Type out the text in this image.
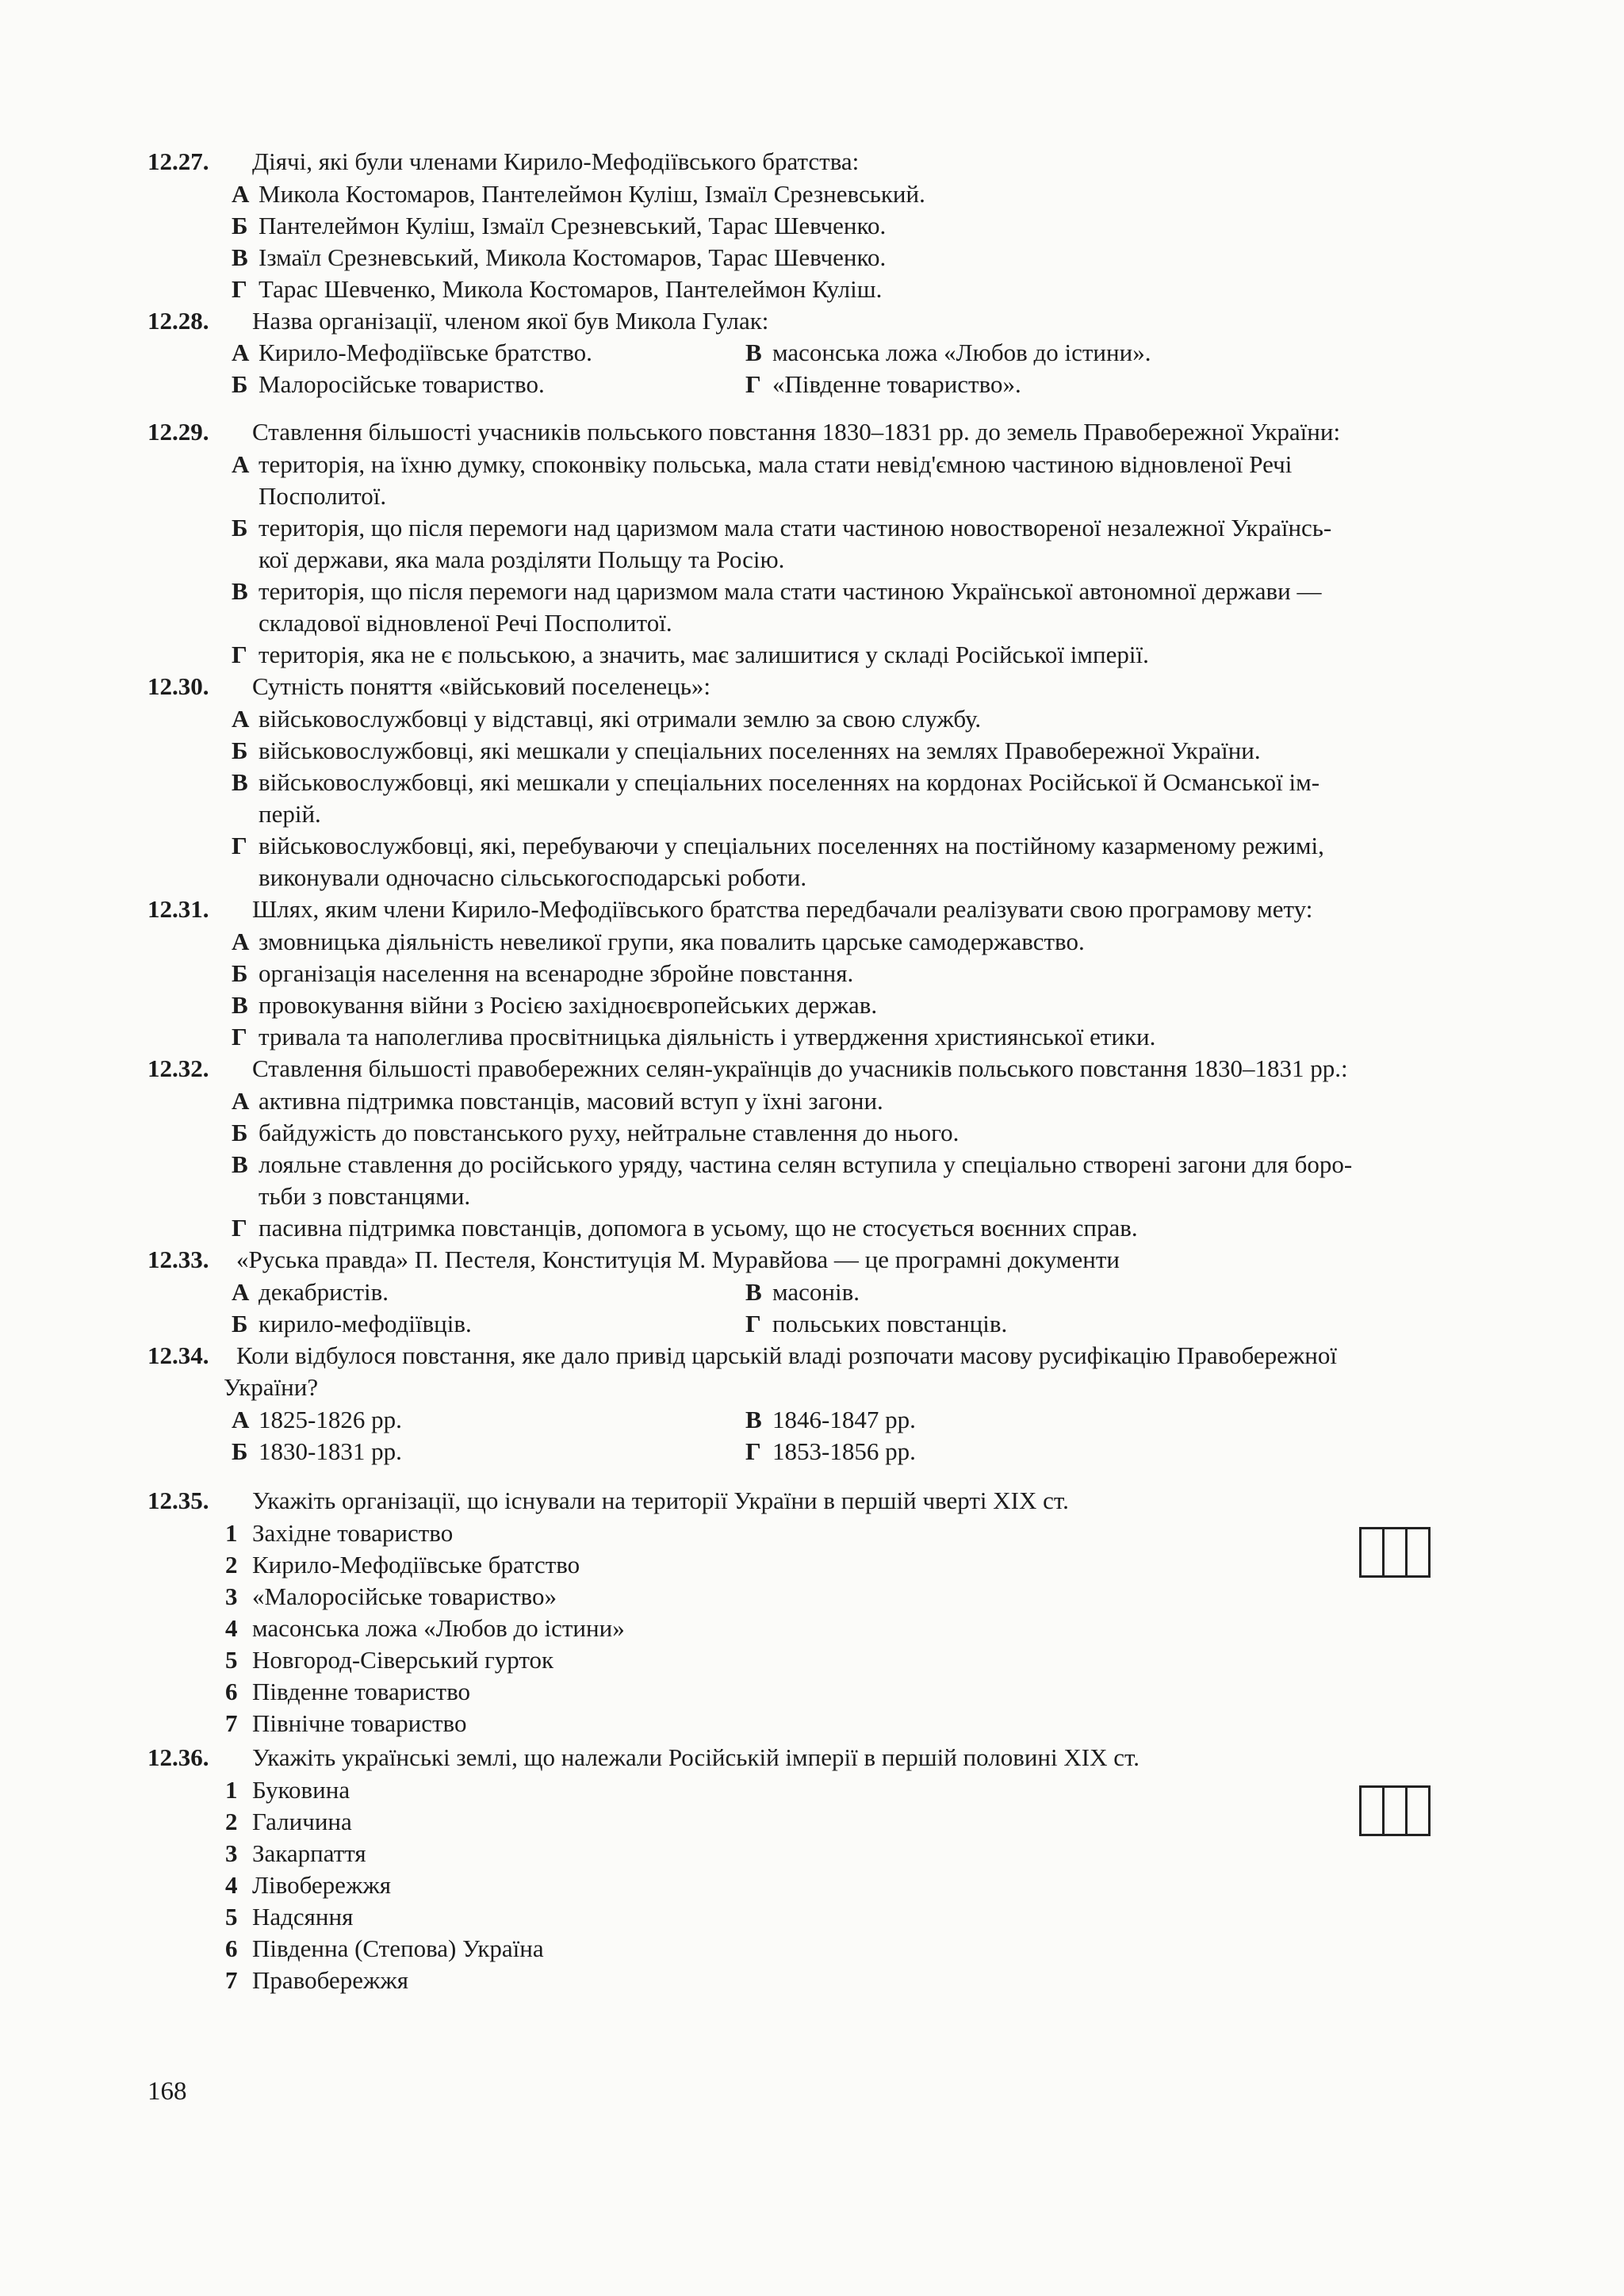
12.27. Діячі, які були членами Кирило-Мефодіївського братства:
А Микола Костомаров, Пантелеймон Куліш, Ізмаїл Срезневський.
Б Пантелеймон Куліш, Ізмаїл Срезневський, Тарас Шевченко.
В Ізмаїл Срезневський, Микола Костомаров, Тарас Шевченко.
Г Тарас Шевченко, Микола Костомаров, Пантелеймон Куліш.
12.28. Назва організації, членом якої був Микола Гулак:
А Кирило-Мефодіївське братство.	В масонська ложа «Любов до істини».
Б Малоросійське товариство.	Г «Південне товариство».
12.29. Ставлення більшості учасників польського повстання 1830–1831 рр. до земель Правобережної України:
А територія, на їхню думку, споконвіку польська, мала стати невід'ємною частиною відновленої Речі
Посполитої.
Б територія, що після перемоги над царизмом мала стати частиною новоствореної незалежної Українсь-
кої держави, яка мала розділяти Польщу та Росію.
В територія, що після перемоги над царизмом мала стати частиною Української автономної держави —
складової відновленої Речі Посполитої.
Г територія, яка не є польською, а значить, має залишитися у складі Російської імперії.
12.30. Сутність поняття «військовий поселенець»:
А військовослужбовці у відставці, які отримали землю за свою службу.
Б військовослужбовці, які мешкали у спеціальних поселеннях на землях Правобережної України.
В військовослужбовці, які мешкали у спеціальних поселеннях на кордонах Російської й Османської ім-
перій.
Г військовослужбовці, які, перебуваючи у спеціальних поселеннях на постійному казарменому режимі,
виконували одночасно сільськогосподарські роботи.
12.31. Шлях, яким члени Кирило-Мефодіївського братства передбачали реалізувати свою програмову мету:
А змовницька діяльність невеликої групи, яка повалить царське самодержавство.
Б організація населення на всенародне збройне повстання.
В провокування війни з Росією західноєвропейських держав.
Г тривала та наполеглива просвітницька діяльність і утвердження християнської етики.
12.32. Ставлення більшості правобережних селян-українців до учасників польського повстання 1830–1831 рр.:
А активна підтримка повстанців, масовий вступ у їхні загони.
Б байдужість до повстанського руху, нейтральне ставлення до нього.
В лояльне ставлення до російського уряду, частина селян вступила у спеціально створені загони для боро-
тьби з повстанцями.
Г пасивна підтримка повстанців, допомога в усьому, що не стосується воєнних справ.
12.33. «Руська правда» П. Пестеля, Конституція М. Муравйова — це програмні документи
А декабристів.	В масонів.
Б кирило-мефодіївців.	Г польських повстанців.
12.34. Коли відбулося повстання, яке дало привід царській владі розпочати масову русифікацію Правобережної
України?
А 1825-1826 рр.	В 1846-1847 рр.
Б 1830-1831 рр.	Г 1853-1856 рр.
12.35. Укажіть організації, що існували на території України в першій чверті XIX ст.
1 Західне товариство
2 Кирило-Мефодіївське братство
3 «Малоросійське товариство»
4 масонська ложа «Любов до істини»
5 Новгород-Сіверський гурток
6 Південне товариство
7 Північне товариство
12.36. Укажіть українські землі, що належали Російській імперії в першій половині XIX ст.
1 Буковина
2 Галичина
3 Закарпаття
4 Лівобережжя
5 Надсяння
6 Південна (Степова) Україна
7 Правобережжя
168
